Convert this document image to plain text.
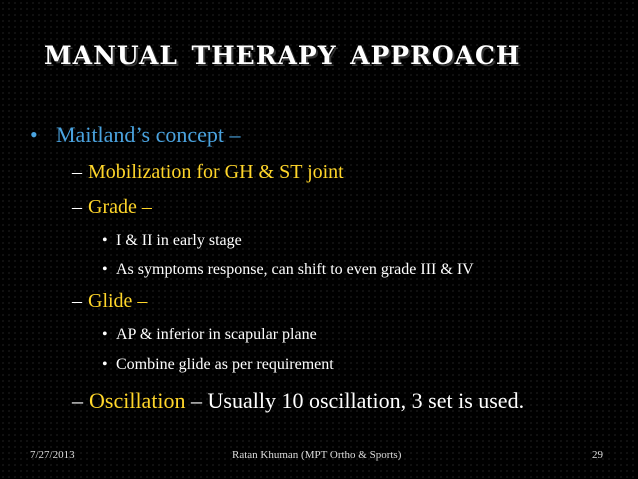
manual therapy approach
• Maitland’s concept –
– Mobilization for GH & ST joint
– Grade –
• I & II in early stage
• As symptoms response, can shift to even grade III & IV
– Glide –
• AP & inferior in scapular plane
• Combine glide as per requirement
– Oscillation – Usually 10 oscillation, 3 set is used.
7/27/2013	Ratan Khuman (MPT Ortho & Sports)	29
